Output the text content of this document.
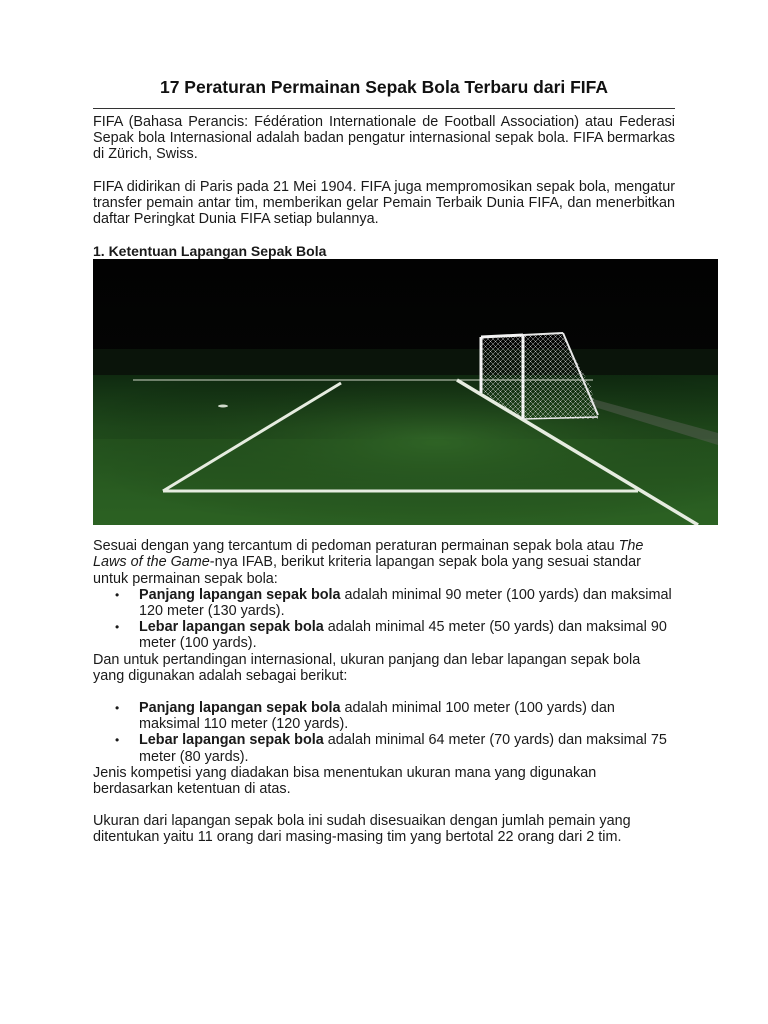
17 Peraturan Permainan Sepak Bola Terbaru dari FIFA

FIFA (Bahasa Perancis: Fédération Internationale de Football Association) atau Federasi Sepak bola Internasional adalah badan pengatur internasional sepak bola. FIFA bermarkas di Zürich, Swiss.

FIFA didirikan di Paris pada 21 Mei 1904. FIFA juga mempromosikan sepak bola, mengatur transfer pemain antar tim, memberikan gelar Pemain Terbaik Dunia FIFA, dan menerbitkan daftar Peringkat Dunia FIFA setiap bulannya.

1. Ketentuan Lapangan Sepak Bola

Sesuai dengan yang tercantum di pedoman peraturan permainan sepak bola atau The Laws of the Game-nya IFAB, berikut kriteria lapangan sepak bola yang sesuai standar untuk permainan sepak bola:

• Panjang lapangan sepak bola adalah minimal 90 meter (100 yards) dan maksimal 120 meter (130 yards).
• Lebar lapangan sepak bola adalah minimal 45 meter (50 yards) dan maksimal 90 meter (100 yards).

Dan untuk pertandingan internasional, ukuran panjang dan lebar lapangan sepak bola yang digunakan adalah sebagai berikut:

• Panjang lapangan sepak bola adalah minimal 100 meter (100 yards) dan maksimal 110 meter (120 yards).
• Lebar lapangan sepak bola adalah minimal 64 meter (70 yards) dan maksimal 75 meter (80 yards).

Jenis kompetisi yang diadakan bisa menentukan ukuran mana yang digunakan berdasarkan ketentuan di atas.

Ukuran dari lapangan sepak bola ini sudah disesuaikan dengan jumlah pemain yang ditentukan yaitu 11 orang dari masing-masing tim yang bertotal 22 orang dari 2 tim.
